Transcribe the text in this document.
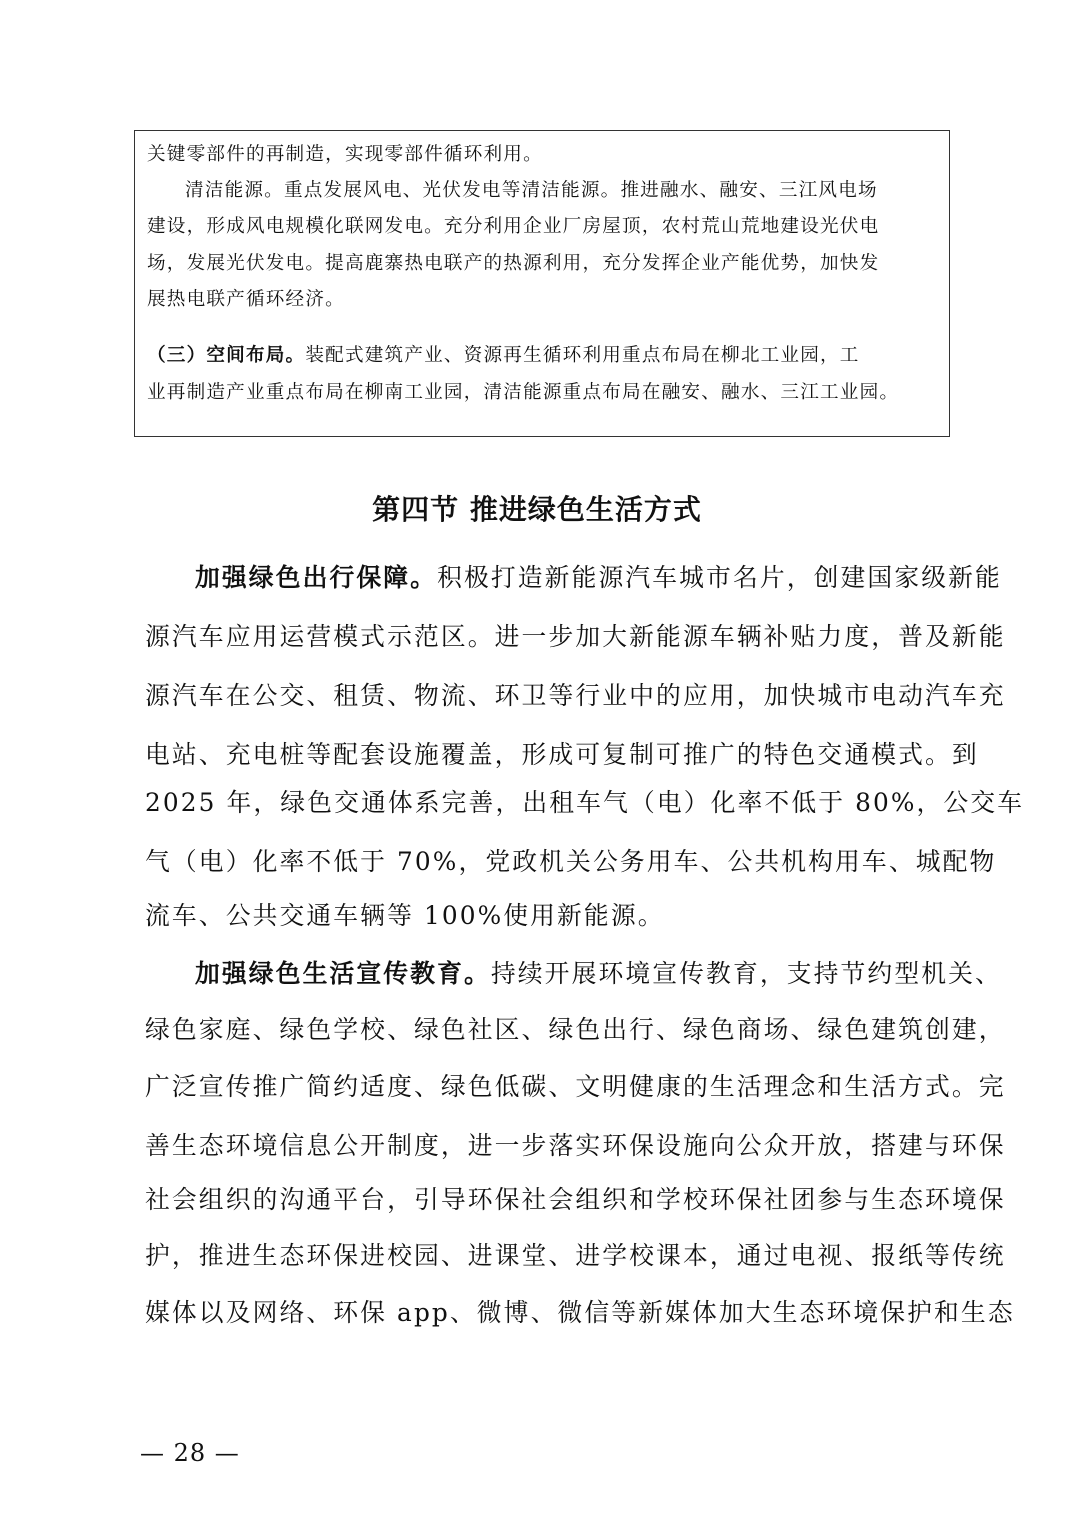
关键零部件的再制造，实现零部件循环利用。
清洁能源。重点发展风电、光伏发电等清洁能源。推进融水、融安、三江风电场
建设，形成风电规模化联网发电。充分利用企业厂房屋顶，农村荒山荒地建设光伏电
场，发展光伏发电。提高鹿寨热电联产的热源利用，充分发挥企业产能优势，加快发
展热电联产循环经济。
（三）空间布局。装配式建筑产业、资源再生循环利用重点布局在柳北工业园，工
业再制造产业重点布局在柳南工业园，清洁能源重点布局在融安、融水、三江工业园。
第四节 推进绿色生活方式
加强绿色出行保障。积极打造新能源汽车城市名片，创建国家级新能
源汽车应用运营模式示范区。进一步加大新能源车辆补贴力度，普及新能
源汽车在公交、租赁、物流、环卫等行业中的应用，加快城市电动汽车充
电站、充电桩等配套设施覆盖，形成可复制可推广的特色交通模式。到
2025 年，绿色交通体系完善，出租车气（电）化率不低于 80%，公交车
气（电）化率不低于 70%，党政机关公务用车、公共机构用车、城配物
流车、公共交通车辆等 100%使用新能源。
加强绿色生活宣传教育。持续开展环境宣传教育，支持节约型机关、
绿色家庭、绿色学校、绿色社区、绿色出行、绿色商场、绿色建筑创建，
广泛宣传推广简约适度、绿色低碳、文明健康的生活理念和生活方式。完
善生态环境信息公开制度，进一步落实环保设施向公众开放，搭建与环保
社会组织的沟通平台，引导环保社会组织和学校环保社团参与生态环境保
护，推进生态环保进校园、进课堂、进学校课本，通过电视、报纸等传统
媒体以及网络、环保 app、微博、微信等新媒体加大生态环境保护和生态
— 28 —
